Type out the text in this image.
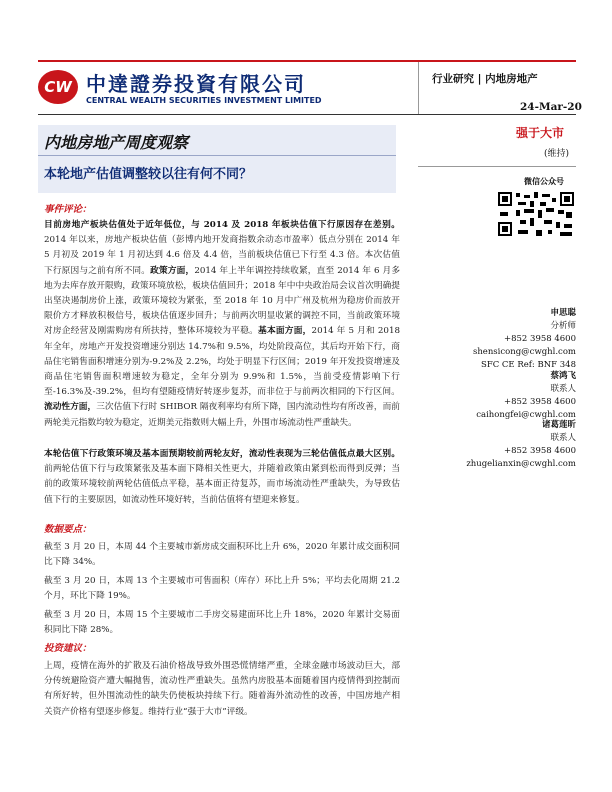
CW 中達證券投資有限公司
CENTRAL WEALTH SECURITIES INVESTMENT LIMITED
行业研究 | 内地房地产
24-Mar-20
内地房地产周度观察
本轮地产估值调整较以往有何不同？
事件评论：
目前房地产板块估值处于近年低位，与 2014 及 2018 年板块估值下行原因存在差别。2014 年以来，房地产板块估值（彭博内地开发商指数余动态市盈率）低点分别在 2014 年 5 月初及 2019 年 1 月初达到 4.6 倍及 4.4 倍，当前板块估值已下行至 4.3 倍。本次估值下行原因与之前有所不同。政策方面，2014 年上半年调控持续收紧，直至 2014 年 6 月多地为去库存放开限购，政策环境放松，板块估值回升；2018 年中中央政治局会议首次明确提出坚决遏制房价上涨，政策环境较为紧张，至 2018 年 10 月中广州及杭州为稳房价而放开限价方才释放积极信号，板块估值逐步回升；与前两次明显收紧的调控不同，当前政策环境对房企经营及刚需购房有所扶持，整体环境较为平稳。基本面方面，2014 年 5 月和 2018 年全年，房地产开发投资增速分别达 14.7%和 9.5%，均处阶段高位，其后均开始下行，商品住宅销售面积增速分别为-9.2%及 2.2%，均处于明显下行区间；2019 年开发投资增速及商品住宅销售面积增速较为稳定，全年分别为 9.9%和 1.5%，当前受疫情影响下行至-16.3%及-39.2%，但均有望随疫情好转逐步复苏，而非位于与前两次相同的下行区间。流动性方面，三次估值下行时 SHIBOR 隔夜利率均有所下降，国内流动性均有所改善，而前两轮美元指数均较为稳定，近期美元指数则大幅上升，外围市场流动性严重缺失。
本轮估值下行政策环境及基本面预期较前两轮友好，流动性表现为三轮估值低点最大区别。前两轮估值下行与政策紧张及基本面下降相关性更大，并随着政策由紧到松而得到反弹；当前的政策环境较前两轮估值低点平稳，基本面正待复苏，而市场流动性严重缺失，为导致估值下行的主要原因，如流动性环境好转，当前估值将有望迎来修复。
数据要点：
截至 3 月 20 日，本周 44 个主要城市新房成交面积环比上升 6%，2020 年累计成交面积同比下降 34%。
截至 3 月 20 日，本周 13 个主要城市可售面积（库存）环比上升 5%；平均去化周期 21.2 个月，环比下降 19%。
截至 3 月 20 日，本周 15 个主要城市二手房交易建面环比上升 18%，2020 年累计交易面积同比下降 28%。
投资建议：
上周，疫情在海外的扩散及石油价格战导致外围恐慌情绪严重，全球金融市场波动巨大，部分传统避险资产遭大幅抛售，流动性严重缺失。虽然内房股基本面随着国内疫情得到控制而有所好转，但外围流动性的缺失仍使板块持续下行。随着海外流动性的改善，中国房地产相关资产价格有望逐步修复。维持行业“强于大市”评级。
强于大市
(维持)
微信公众号
申思聪
分析师
+852 3958 4600
shensicong@cwghl.com
SFC CE Ref: BNF 348
蔡鸿飞
联系人
+852 3958 4600
caihongfei@cwghl.com
诸葛莲昕
联系人
+852 3958 4600
zhugelianxin@cwghl.com
